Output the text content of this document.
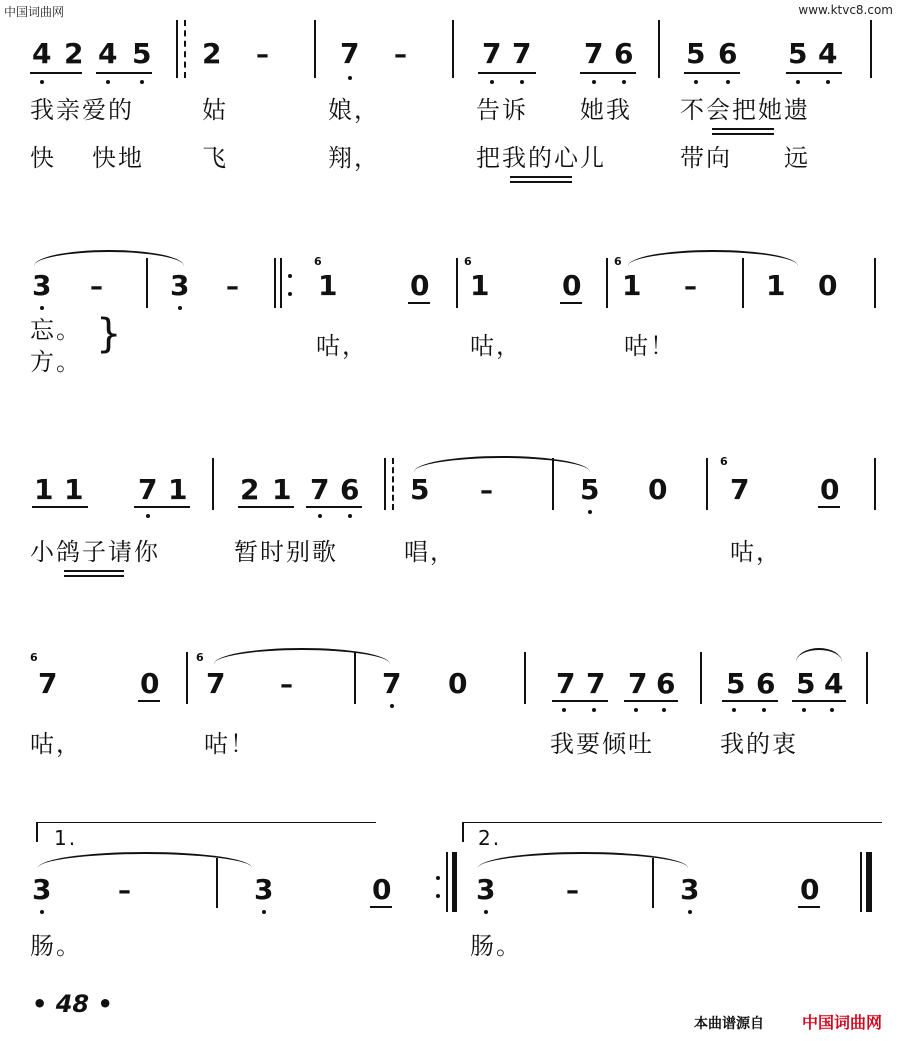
中国词曲网	www.ktvc8.com
4 2 4 5 2 –	7 –	7 7 7 6 5 6 5 4
我亲爱的	姑	娘，	告诉 她我 不会把她遗
快 快地 飞	翔，	把我的心儿	带向 远
3 – 3 –
6
1	0
6
1	0
6
1 – 1 0
忘。
方。
}	咕，	咕，	咕！
1 1 7 1 2 1 7 6 5 –	5 0
6
7	0
小鸽子请你	暂时别歌	唱，	咕，
6
7	0
6
7 –	7 0	7 7 7 6 5 6 5 4
咕，	咕！	我要倾吐	我的衷
1.	2.
3	–	3	0	3	–	3	0
肠。	肠。
• 48 •
本曲谱源自 中国词曲网
